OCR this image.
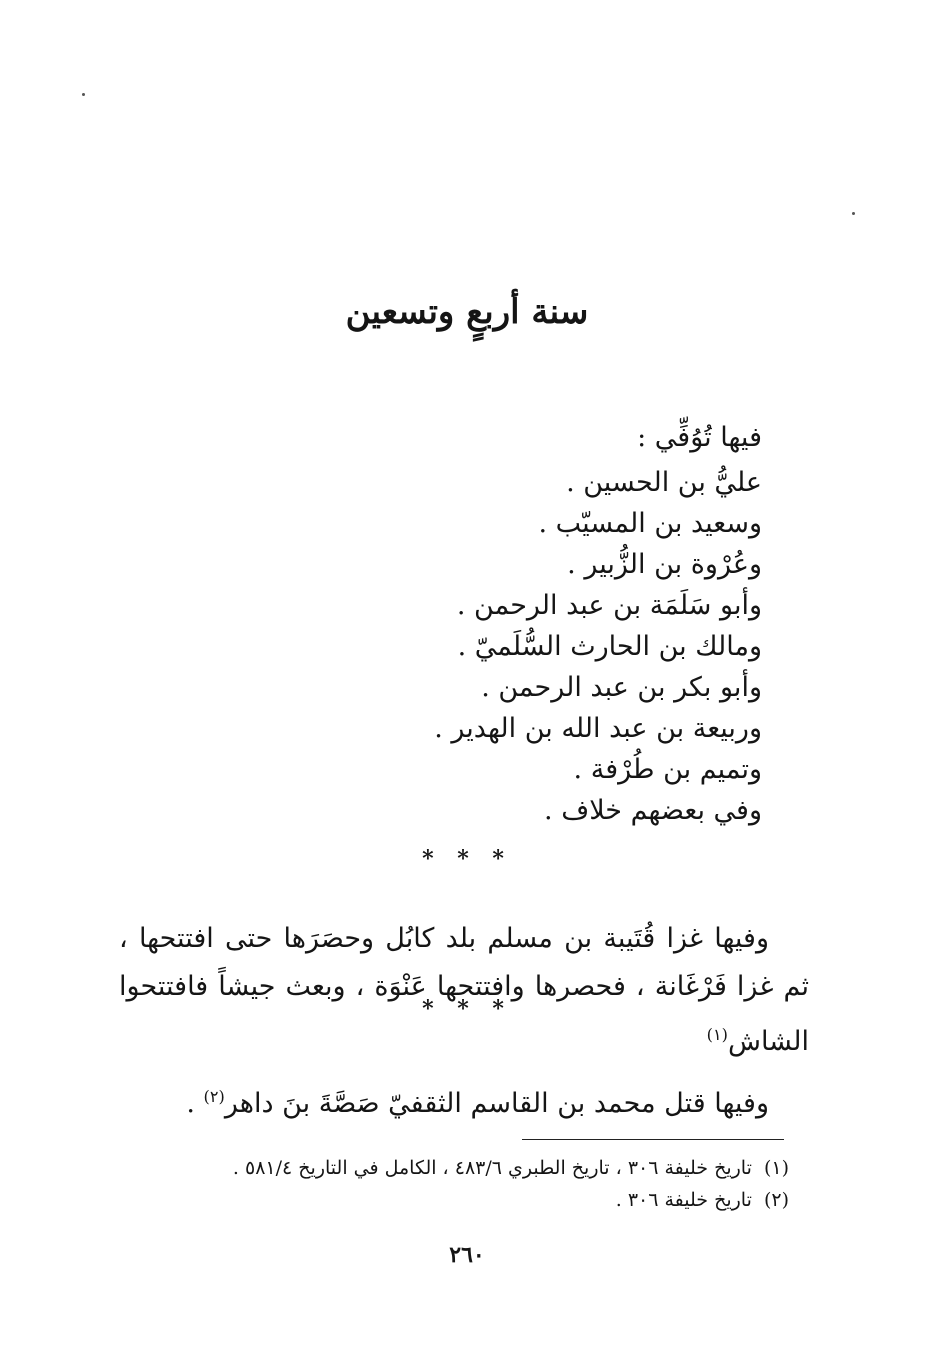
سنة أربعٍ وتسعين
فيها تُوُفِّي :
عليُّ بن الحسين .
وسعيد بن المسيّب .
وعُرْوة بن الزُّبير .
وأبو سَلَمَة بن عبد الرحمن .
ومالك بن الحارث السُّلَميّ .
وأبو بكر بن عبد الرحمن .
وربيعة بن عبد الله بن الهدير .
وتميم بن طُرْفة .
وفي بعضهم خلاف .
* * *

وفيها غزا قُتَيبة بن مسلم بلد كابُل وحصَرَها حتى افتتحها ، ثم غزا فَرْغَانة ، فحصرها وافتتحها عَنْوَة ، وبعث جيشاً فافتتحوا الشاش$^{(١)}$

* * *

وفيها قتل محمد بن القاسم الثقفيّ صَصَّةَ بنَ داهر$^{(٢)}$ .

(١) تاريخ خليفة ٣٠٦ ، تاريخ الطبري ٤٨٣/٦ ، الكامل في التاريخ ٥٨١/٤ .
(٢) تاريخ خليفة ٣٠٦ .
٢٦٠
